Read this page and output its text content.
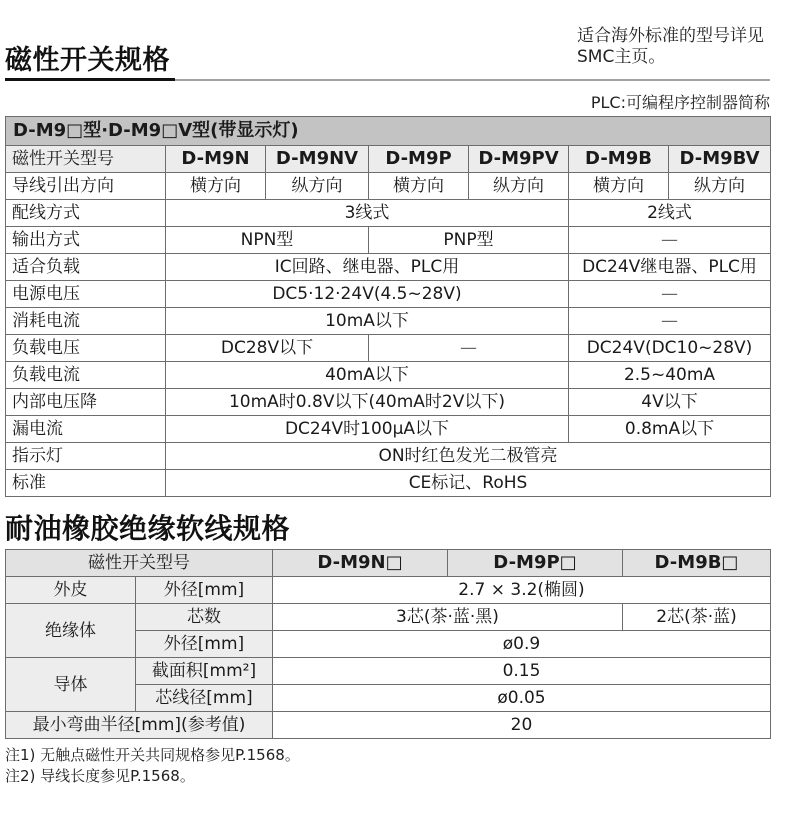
适合海外标准的型号详见
SMC主页。
磁性开关规格
PLC:可编程序控制器简称
D-M9□型·D-M9□V型(带显示灯)						
磁性开关型号	D-M9N	D-M9NV	D-M9P	D-M9PV	D-M9B	D-M9BV
导线引出方向	横方向	纵方向	横方向	纵方向	横方向	纵方向
配线方式	3线式				2线式	
输出方式	NPN型		PNP型		—	
适合负载	IC回路、继电器、PLC用				DC24V继电器、PLC用	
电源电压	DC5·12·24V(4.5~28V)				—	
消耗电流	10mA以下				—	
负载电压	DC28V以下		—		DC24V(DC10~28V)	
负载电流	40mA以下				2.5~40mA	
内部电压降	10mA时0.8V以下(40mA时2V以下)				4V以下	
漏电流	DC24V时100μA以下				0.8mA以下	
指示灯	ON时红色发光二极管亮					
标准	CE标记、RoHS					
耐油橡胶绝缘软线规格
磁性开关型号		D-M9N□	D-M9P□	D-M9B□
外皮	外径[mm]	2.7 × 3.2(椭圆)		
绝缘体	芯数	3芯(茶·蓝·黑)		2芯(茶·蓝)
	外径[mm]	ø0.9		
导体	截面积[mm²]	0.15		
	芯线径[mm]	ø0.05		
最小弯曲半径[mm](参考值)		20		
注1) 无触点磁性开关共同规格参见P.1568。
注2) 导线长度参见P.1568。
